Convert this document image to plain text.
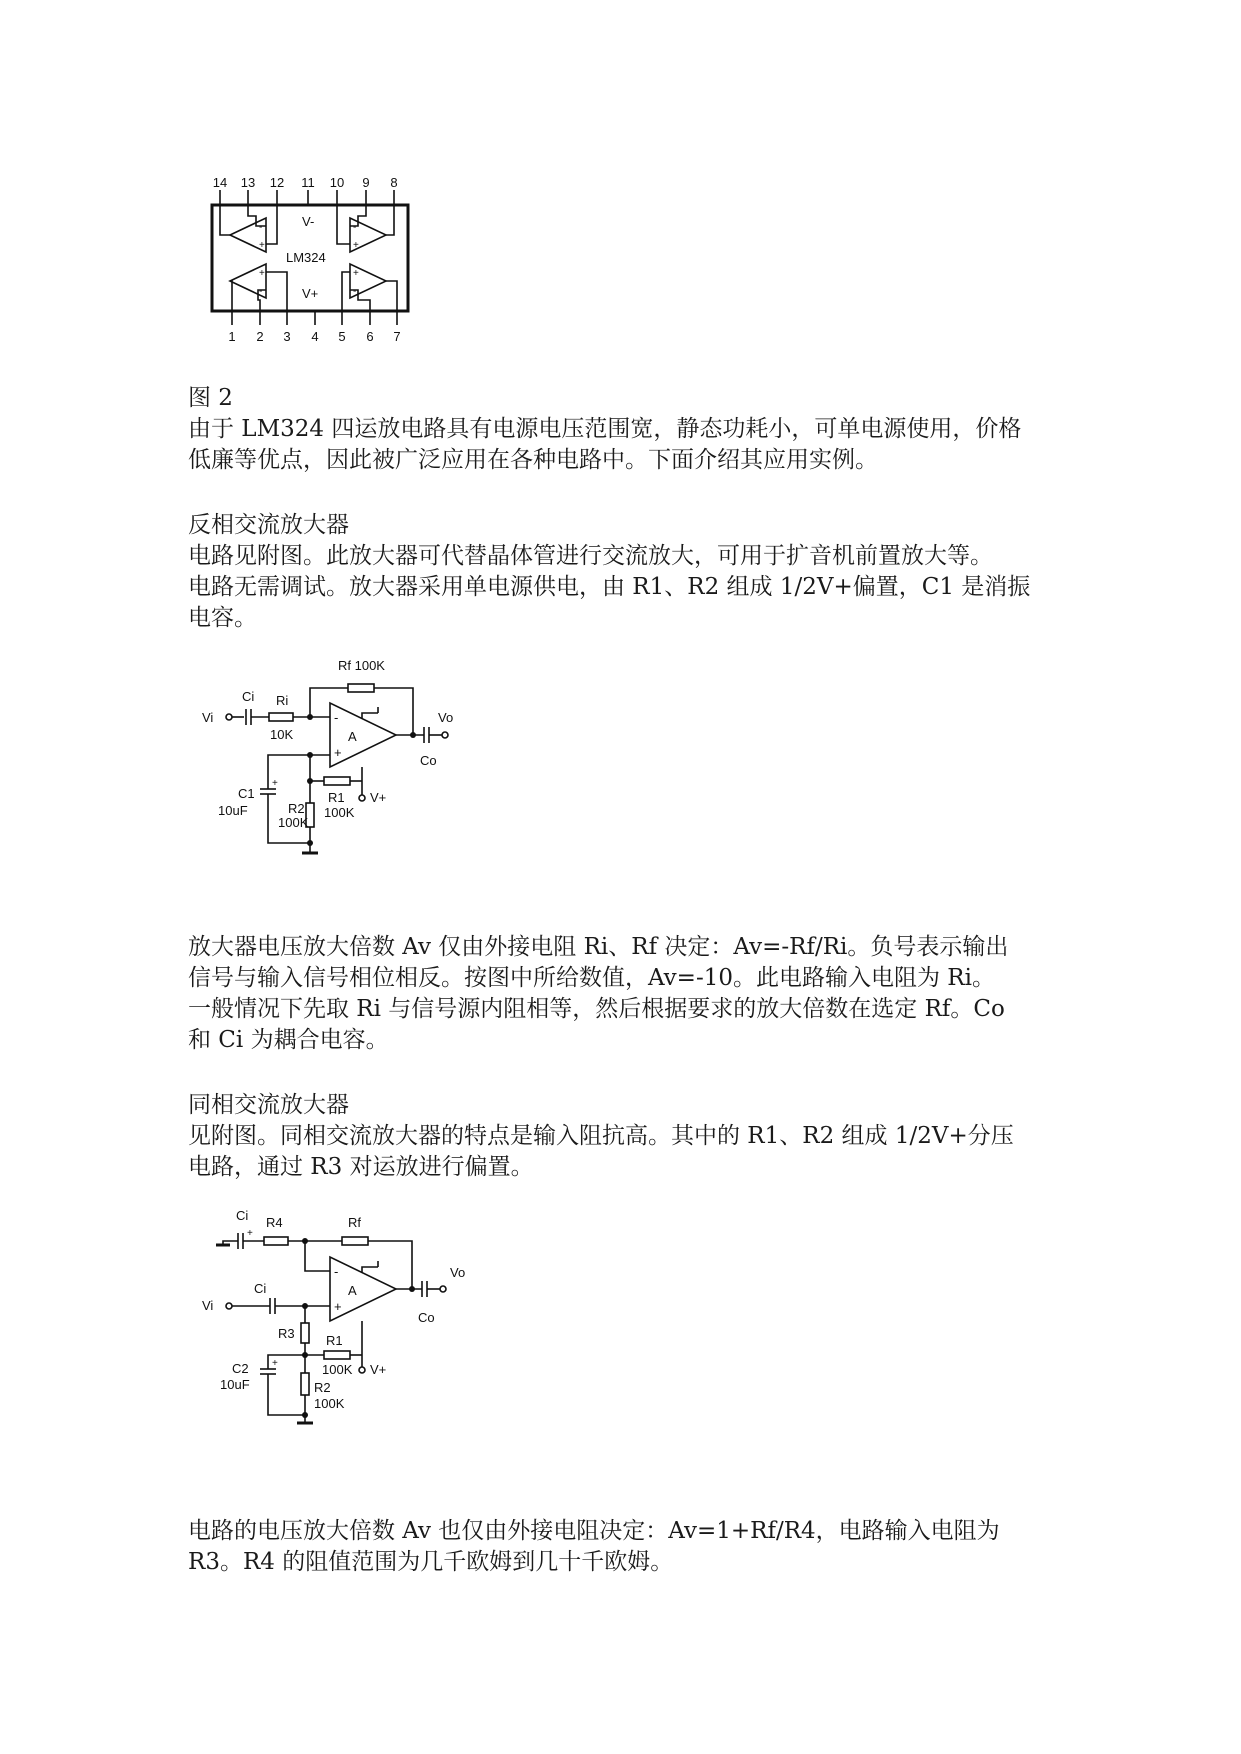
14 13 12 11 10 9 8
1 2 3 4 5 6 7
-
+
-
+
+
-
+
-
V-
LM324
V+
图 2
由于 LM324 四运放电路具有电源电压范围宽，静态功耗小，可单电源使用，价格
低廉等优点，因此被广泛应用在各种电路中。下面介绍其应用实例。
反相交流放大器
电路见附图。此放大器可代替晶体管进行交流放大，可用于扩音机前置放大等。
电路无需调试。放大器采用单电源供电，由 R1、R2 组成 1/2V+偏置，C1 是消振
电容。
Rf 100K
Vi
Ci Ri
10K
-
+
A
Vo
Co
+
C1
10uF
V+
R1
100K
R2
100K
放大器电压放大倍数 Av 仅由外接电阻 Ri、Rf 决定：Av=-Rf/Ri。负号表示输出
信号与输入信号相位相反。按图中所给数值，Av=-10。此电路输入电阻为 Ri。
一般情况下先取 Ri 与信号源内阻相等，然后根据要求的放大倍数在选定 Rf。Co
和 Ci 为耦合电容。
同相交流放大器
见附图。同相交流放大器的特点是输入阻抗高。其中的 R1、R2 组成 1/2V+分压
电路，通过 R3 对运放进行偏置。
Ci
+
R4	Rf
-
+
A
Vo
Co
Vi
Ci
R3
V+
R1
100K
+
C2
10uF	R2
100K
电路的电压放大倍数 Av 也仅由外接电阻决定：Av=1+Rf/R4，电路输入电阻为
R3。R4 的阻值范围为几千欧姆到几十千欧姆。
